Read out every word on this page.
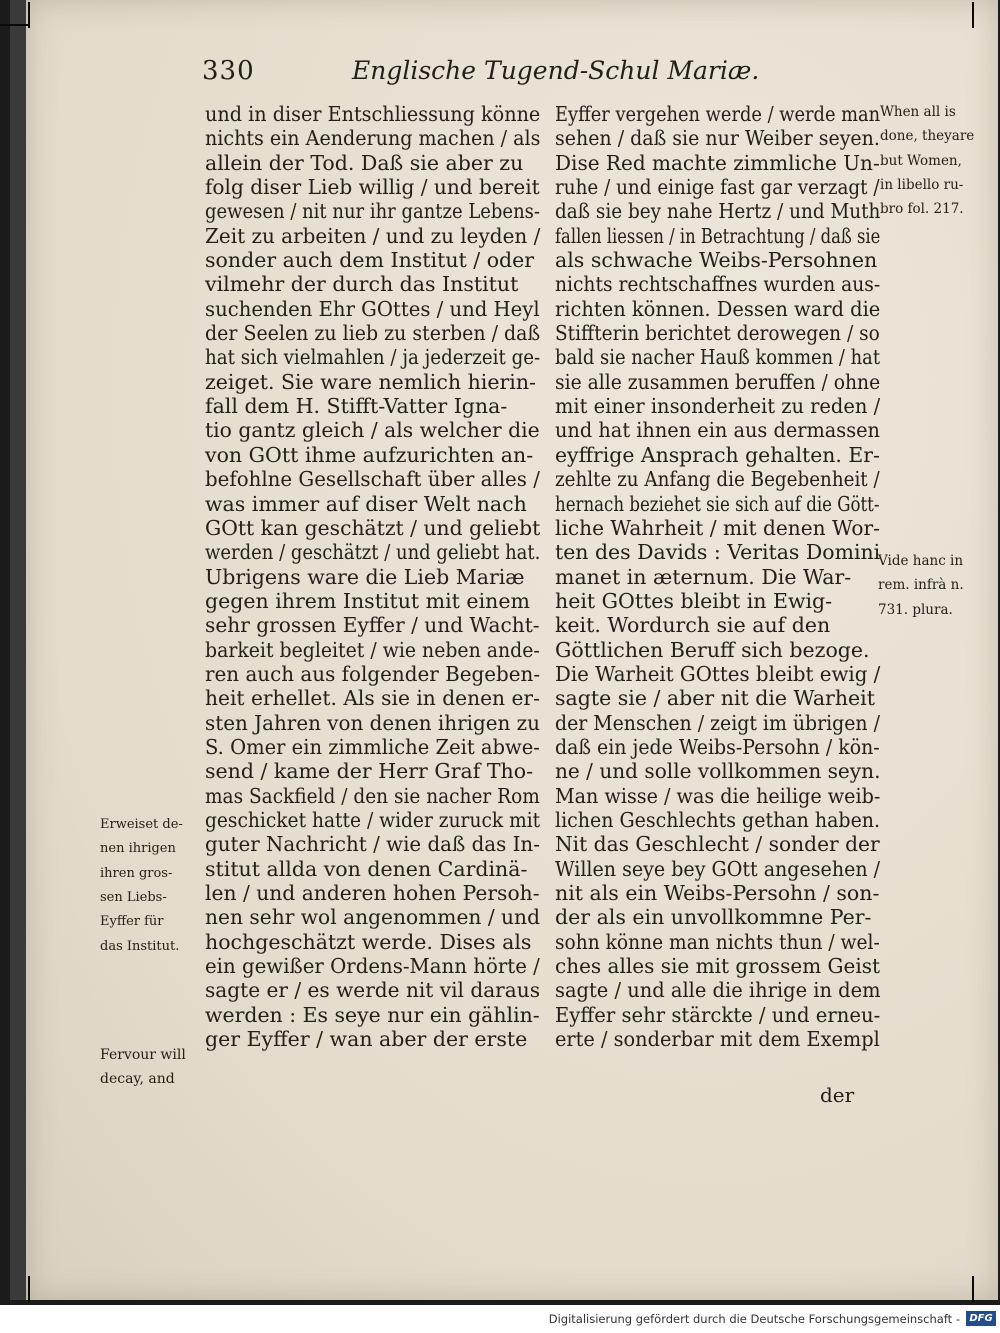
330	Englische Tugend-Schul Mariæ.
und in diser Entschliessung könne
nichts ein Aenderung machen / als
allein der Tod. Daß sie aber zu
folg diser Lieb willig / und bereit
gewesen / nit nur ihr gantze Lebens-
Zeit zu arbeiten / und zu leyden /
sonder auch dem Institut / oder
vilmehr der durch das Institut
suchenden Ehr GOttes / und Heyl
der Seelen zu lieb zu sterben / daß
hat sich vielmahlen / ja jederzeit ge-
zeiget. Sie ware nemlich hierin-
fall dem H. Stifft-Vatter Igna-
tio gantz gleich / als welcher die
von GOtt ihme aufzurichten an-
befohlne Gesellschaft über alles /
was immer auf diser Welt nach
GOtt kan geschätzt / und geliebt
werden / geschätzt / und geliebt hat.
Ubrigens ware die Lieb Mariæ
gegen ihrem Institut mit einem
sehr grossen Eyffer / und Wacht-
barkeit begleitet / wie neben ande-
ren auch aus folgender Begeben-
heit erhellet. Als sie in denen er-
sten Jahren von denen ihrigen zu
S. Omer ein zimmliche Zeit abwe-
send / kame der Herr Graf Tho-
mas Sackfield / den sie nacher Rom
geschicket hatte / wider zuruck mit
guter Nachricht / wie daß das In-
stitut allda von denen Cardinä-
len / und anderen hohen Persoh-
nen sehr wol angenommen / und
hochgeschätzt werde. Dises als
ein gewißer Ordens-Mann hörte /
sagte er / es werde nit vil daraus
werden : Es seye nur ein gählin-
ger Eyffer / wan aber der erste
Eyffer vergehen werde / werde man
sehen / daß sie nur Weiber seyen.
Dise Red machte zimmliche Un-
ruhe / und einige fast gar verzagt /
daß sie bey nahe Hertz / und Muth
fallen liessen / in Betrachtung / daß sie
als schwache Weibs-Persohnen
nichts rechtschaffnes wurden aus-
richten können. Dessen ward die
Stiffterin berichtet derowegen / so
bald sie nacher Hauß kommen / hat
sie alle zusammen beruffen / ohne
mit einer insonderheit zu reden /
und hat ihnen ein aus dermassen
eyffrige Ansprach gehalten. Er-
zehlte zu Anfang die Begebenheit /
hernach beziehet sie sich auf die Gött-
liche Wahrheit / mit denen Wor-
ten des Davids : Veritas Domini
manet in æternum. Die War-
heit GOttes bleibt in Ewig-
keit. Wordurch sie auf den
Göttlichen Beruff sich bezoge.
Die Warheit GOttes bleibt ewig /
sagte sie / aber nit die Warheit
der Menschen / zeigt im übrigen /
daß ein jede Weibs-Persohn / kön-
ne / und solle vollkommen seyn.
Man wisse / was die heilige weib-
lichen Geschlechts gethan haben.
Nit das Geschlecht / sonder der
Willen seye bey GOtt angesehen /
nit als ein Weibs-Persohn / son-
der als ein unvollkommne Per-
sohn könne man nichts thun / wel-
ches alles sie mit grossem Geist
sagte / und alle die ihrige in dem
Eyffer sehr stärckte / und erneu-
erte / sonderbar mit dem Exempl
When all is
done, theyare
but Women,
in libello ru-
bro fol. 217.
Vide hanc in
rem. infrà n.
731. plura.
Erweiset de-
nen ihrigen
ihren gros-
sen Liebs-
Eyffer für
das Institut.
Fervour will
decay, and
der
Digitalisierung gefördert durch die Deutsche Forschungsgemeinschaft - DFG
